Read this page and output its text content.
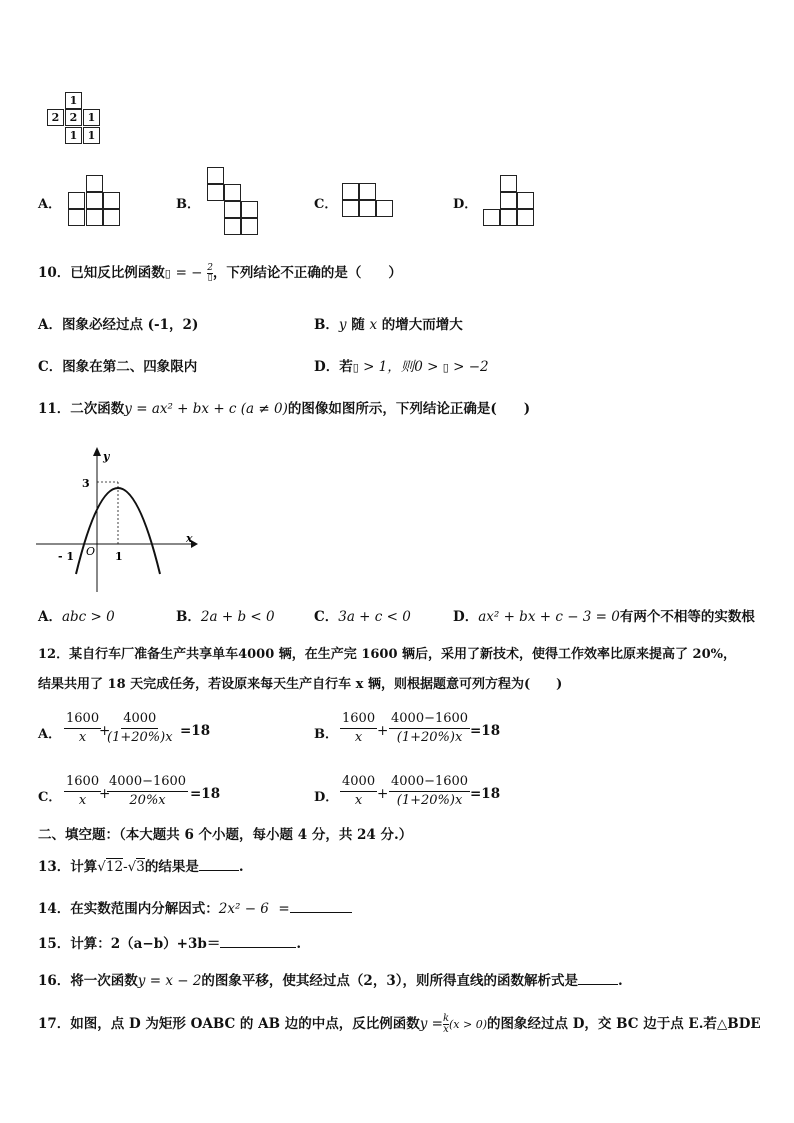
1
2 2 1
1 1
A．	B．	C．	D．
10．已知反比例函数▯ = − 2
▯ ，下列结论不正确的是（　　）
A．图象必经过点 (-1，2)	B．y 随 x 的增大而增大
C．图象在第二、四象限内	D．若▯ > 1，则0 > ▯ > −2
11．二次函数y = ax² + bx + c (a ≠ 0)的图像如图所示，下列结论正确是(　　)
y
x
3
O 1
- 1
A．abc > 0	B．2a + b < 0	C．3a + c < 0	D．ax² + bx + c − 3 = 0有两个不相等的实数根
12．某自行车厂准备生产共享单车4000 辆，在生产完 1600 辆后，采用了新技术，使得工作效率比原来提高了 20%，
结果共用了 18 天完成任务，若设原来每天生产自行车 x 辆，则根据题意可列方程为(　　)
A． $\frac{1600}{x}$
+
$\frac{4000}{(1+20\%)x} =18$	B． $\frac{1600}{x} + \frac{4000-1600}{(1+20\%)x} =18$
C． $\frac{1600}{x}$
+
$\frac{4000-1600}{20\%x} =18$	D． $\frac{4000}{x} + \frac{4000-1600}{(1+20\%)x} =18$
二、填空题：（本大题共 6 个小题，每小题 4 分，共 24 分.）
13．计算√12-√3的结果是	.
14．在实数范围内分解因式：2x² − 6 =
15．计算：2（a−b）+3b＝	.
16．将一次函数y = x − 2的图象平移，使其经过点（2，3），则所得直线的函数解析式是	.
17．如图，点 D 为矩形 OABC 的 AB 边的中点，反比例函数$y = \frac{k}{x} (x > 0)$的图象经过点 D，交 BC 边于点 E.若△BDE
